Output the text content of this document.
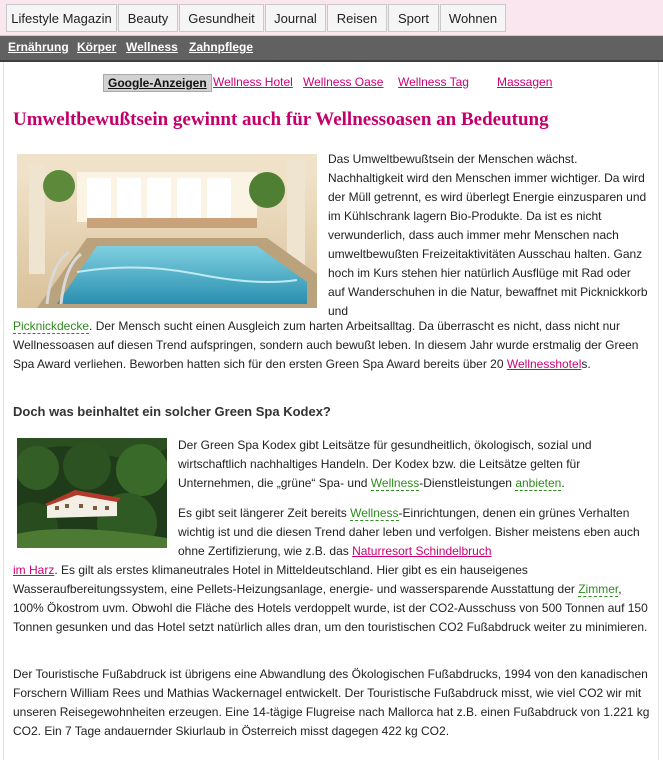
Lifestyle Magazin	Beauty	Gesundheit	Journal	Reisen	Sport	Wohnen
Ernährung Körper Wellness Zahnpflege
Google-Anzeigen Wellness Hotel Wellness Oase Wellness Tag Massagen
Umweltbewußtsein gewinnt auch für Wellnessoasen an Bedeutung
Das Umweltbewußtsein der Menschen wächst. Nachhaltigkeit wird den Menschen immer wichtiger. Da wird der Müll getrennt, es wird überlegt Energie einzusparen und im Kühlschrank lagern Bio-Produkte. Da ist es nicht verwunderlich, dass auch immer mehr Menschen nach umweltbewußten Freizeitaktivitäten Ausschau halten. Ganz hoch im Kurs stehen hier natürlich Ausflüge mit Rad oder auf Wanderschuhen in die Natur, bewaffnet mit Picknickkorb und
Picknickdecke. Der Mensch sucht einen Ausgleich zum harten Arbeitsalltag. Da überrascht es nicht, dass nicht nur Wellnessoasen auf diesen Trend aufspringen, sondern auch bewußt leben. In diesem Jahr wurde erstmalig der Green Spa Award verliehen. Beworben hatten sich für den ersten Green Spa Award bereits über 20 Wellnesshotels.
Doch was beinhaltet ein solcher Green Spa Kodex?
Der Green Spa Kodex gibt Leitsätze für gesundheitlich, ökologisch, sozial und wirtschaftlich nachhaltiges Handeln. Der Kodex bzw. die Leitsätze gelten für Unternehmen, die „grüne“ Spa- und Wellness-Dienstleistungen anbieten.
Es gibt seit längerer Zeit bereits Wellness-Einrichtungen, denen ein grünes Verhalten wichtig ist und die diesen Trend daher leben und verfolgen. Bisher meistens eben auch ohne Zertifizierung, wie z.B. das Naturresort Schindelbruch
im Harz. Es gilt als erstes klimaneutrales Hotel in Mitteldeutschland. Hier gibt es ein hauseigenes Wasseraufbereitungssystem, eine Pellets-Heizungsanlage, energie- und wassersparende Ausstattung der Zimmer, 100% Ökostrom uvm. Obwohl die Fläche des Hotels verdoppelt wurde, ist der CO2-Ausschuss von 500 Tonnen auf 150 Tonnen gesunken und das Hotel setzt natürlich alles dran, um den touristischen CO2 Fußabdruck weiter zu minimieren.
Der Touristische Fußabdruck ist übrigens eine Abwandlung des Ökologischen Fußabdrucks, 1994 von den kanadischen Forschern William Rees und Mathias Wackernagel entwickelt. Der Touristische Fußabdruck misst, wie viel CO2 wir mit unseren Reisegewohnheiten erzeugen. Eine 14-tägige Flugreise nach Mallorca hat z.B. einen Fußabdruck von 1.221 kg CO2. Ein 7 Tage andauernder Skiurlaub in Österreich misst dagegen 422 kg CO2.
